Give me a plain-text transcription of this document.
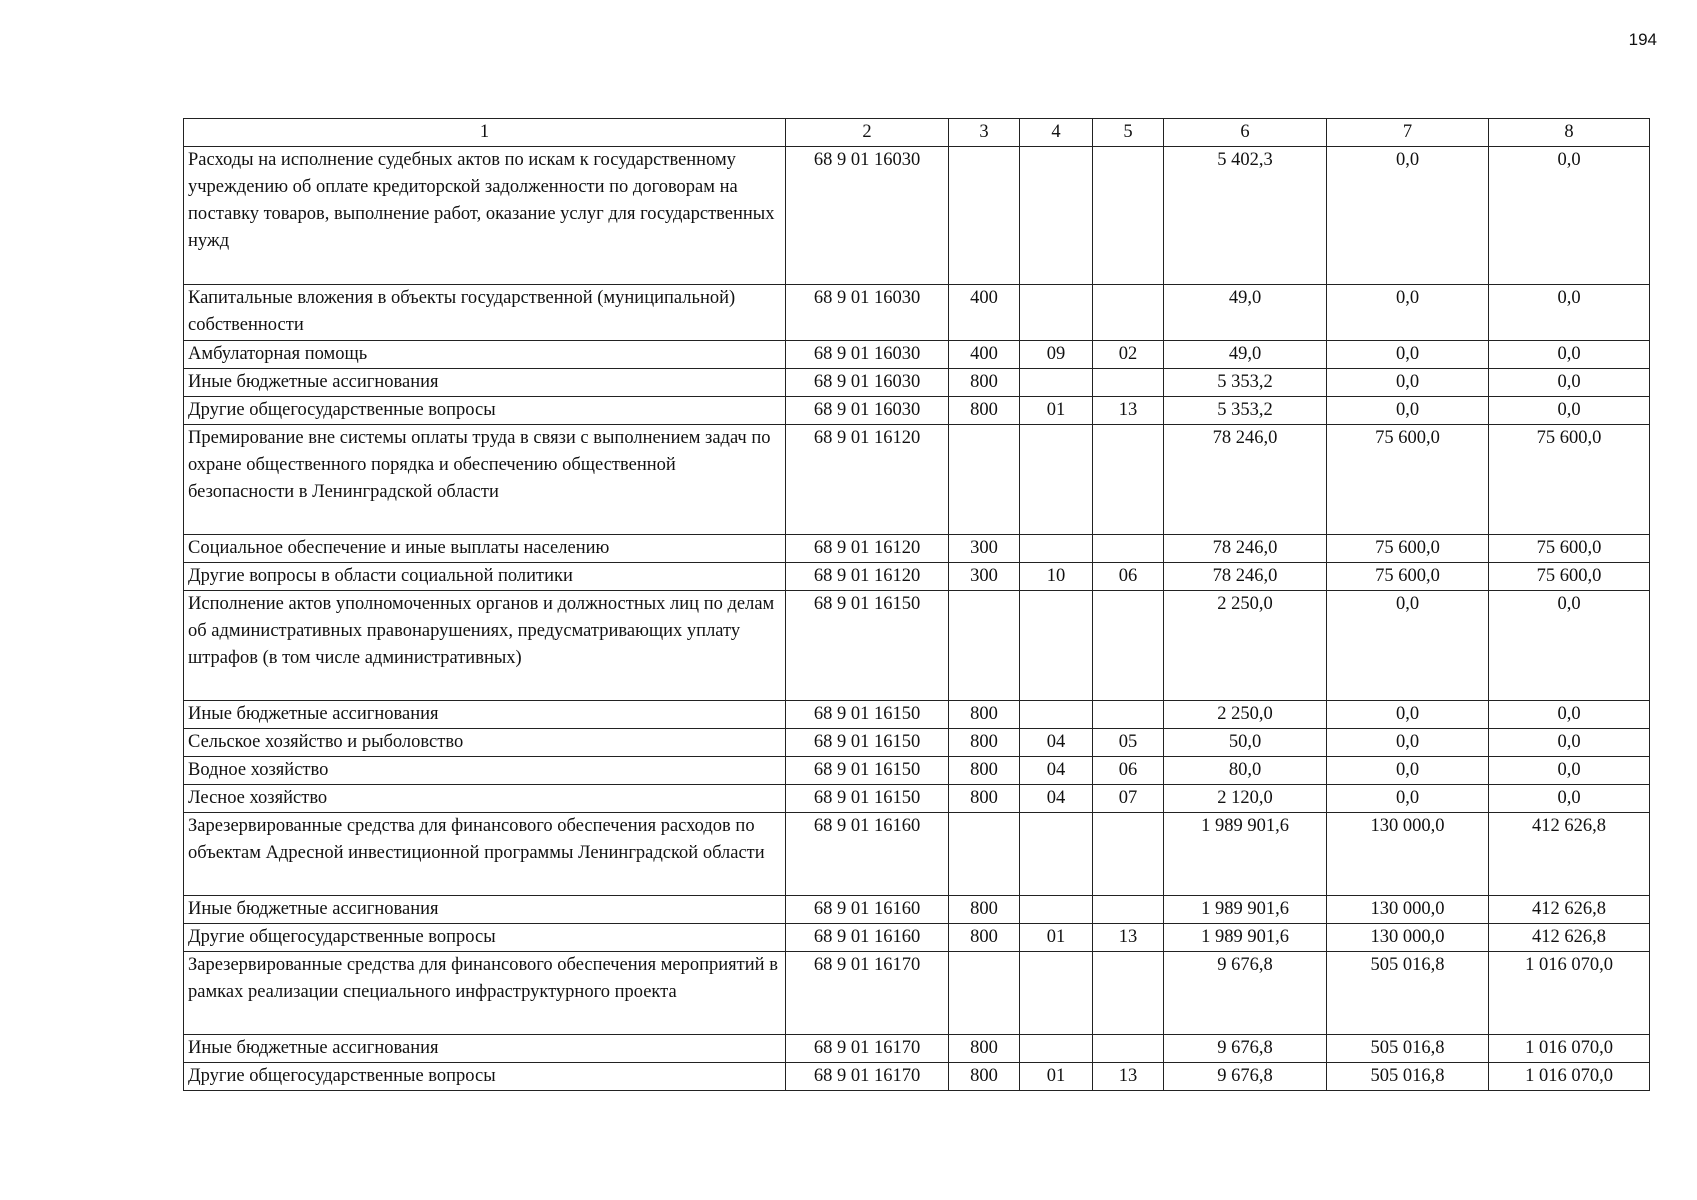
194
1	2	3	4	5	6	7	8
Расходы на исполнение судебных актов по искам к государственному учреждению об оплате кредиторской задолженности по договорам на поставку товаров, выполнение работ, оказание услуг для государственных нужд	68 9 01 16030				5 402,3	0,0	0,0
Капитальные вложения в объекты государственной (муниципальной) собственности	68 9 01 16030	400			49,0	0,0	0,0
Амбулаторная помощь	68 9 01 16030	400	09	02	49,0	0,0	0,0
Иные бюджетные ассигнования	68 9 01 16030	800			5 353,2	0,0	0,0
Другие общегосударственные вопросы	68 9 01 16030	800	01	13	5 353,2	0,0	0,0
Премирование вне системы оплаты труда в связи с выполнением задач по охране общественного порядка и обеспечению общественной безопасности в Ленинградской области	68 9 01 16120				78 246,0	75 600,0	75 600,0
Социальное обеспечение и иные выплаты населению	68 9 01 16120	300			78 246,0	75 600,0	75 600,0
Другие вопросы в области социальной политики	68 9 01 16120	300	10	06	78 246,0	75 600,0	75 600,0
Исполнение актов уполномоченных органов и должностных лиц по делам об административных правонарушениях, предусматривающих уплату штрафов (в том числе административных)	68 9 01 16150				2 250,0	0,0	0,0
Иные бюджетные ассигнования	68 9 01 16150	800			2 250,0	0,0	0,0
Сельское хозяйство и рыболовство	68 9 01 16150	800	04	05	50,0	0,0	0,0
Водное хозяйство	68 9 01 16150	800	04	06	80,0	0,0	0,0
Лесное хозяйство	68 9 01 16150	800	04	07	2 120,0	0,0	0,0
Зарезервированные средства для финансового обеспечения расходов по объектам Адресной инвестиционной программы Ленинградской области	68 9 01 16160				1 989 901,6	130 000,0	412 626,8
Иные бюджетные ассигнования	68 9 01 16160	800			1 989 901,6	130 000,0	412 626,8
Другие общегосударственные вопросы	68 9 01 16160	800	01	13	1 989 901,6	130 000,0	412 626,8
Зарезервированные средства для финансового обеспечения мероприятий в рамках реализации специального инфраструктурного проекта	68 9 01 16170				9 676,8	505 016,8	1 016 070,0
Иные бюджетные ассигнования	68 9 01 16170	800			9 676,8	505 016,8	1 016 070,0
Другие общегосударственные вопросы	68 9 01 16170	800	01	13	9 676,8	505 016,8	1 016 070,0
